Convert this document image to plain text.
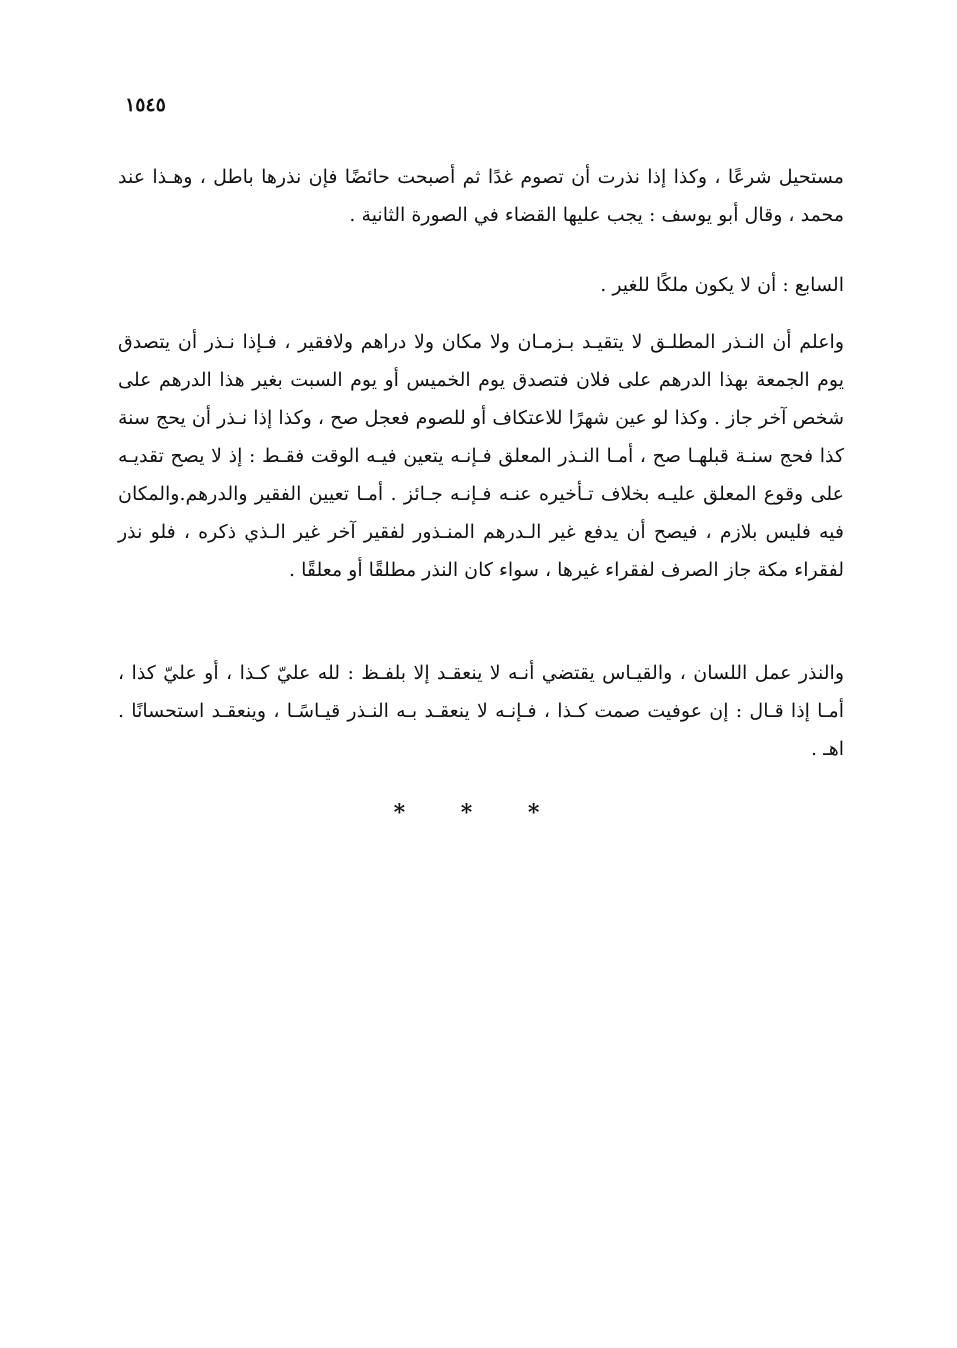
١٥٤٥
مستحيل شرعًا ، وكذا إذا نذرت أن تصوم غدًا ثم أصبحت حائضًا فإن نذرها باطل ، وهـذا عند محمد ، وقال أبو يوسف : يجب عليها القضاء في الصورة الثانية .
السابع : أن لا يكون ملكًا للغير .
واعلم أن النـذر المطلـق لا يتقيـد بـزمـان ولا مكان ولا دراهم ولافقير ، فـإذا نـذر أن يتصدق يوم الجمعة بهذا الدرهم على فلان فتصدق يوم الخميس أو يوم السبت بغير هذا الدرهم على شخص آخر جاز . وكذا لو عين شهرًا للاعتكاف أو للصوم فعجل صح ، وكذا إذا نـذر أن يحج سنة كذا فحج سنـة قبلهـا صح ، أمـا النـذر المعلق فـإنـه يتعين فيـه الوقت فقـط : إذ لا يصح تقديـه على وقوع المعلق عليـه بخلاف تـأخيره عنـه فـإنـه جـائز . أمـا تعيين الفقير والدرهم.والمكان فيه فليس بلازم ، فيصح أن يدفع غير الـدرهم المنـذور لفقير آخر غير الـذي ذكره ، فلو نذر لفقراء مكة جاز الصرف لفقراء غيرها ، سواء كان النذر مطلقًا أو معلقًا .
والنذر عمل اللسان ، والقيـاس يقتضي أنـه لا ينعقـد إلا بلفـظ : لله عليّ كـذا ، أو عليّ كذا ، أمـا إذا قـال : إن عوفيت صمت كـذا ، فـإنـه لا ينعقـد بـه النـذر قيـاسًـا ، وينعقـد استحسانًا . اهـ .
* * *
